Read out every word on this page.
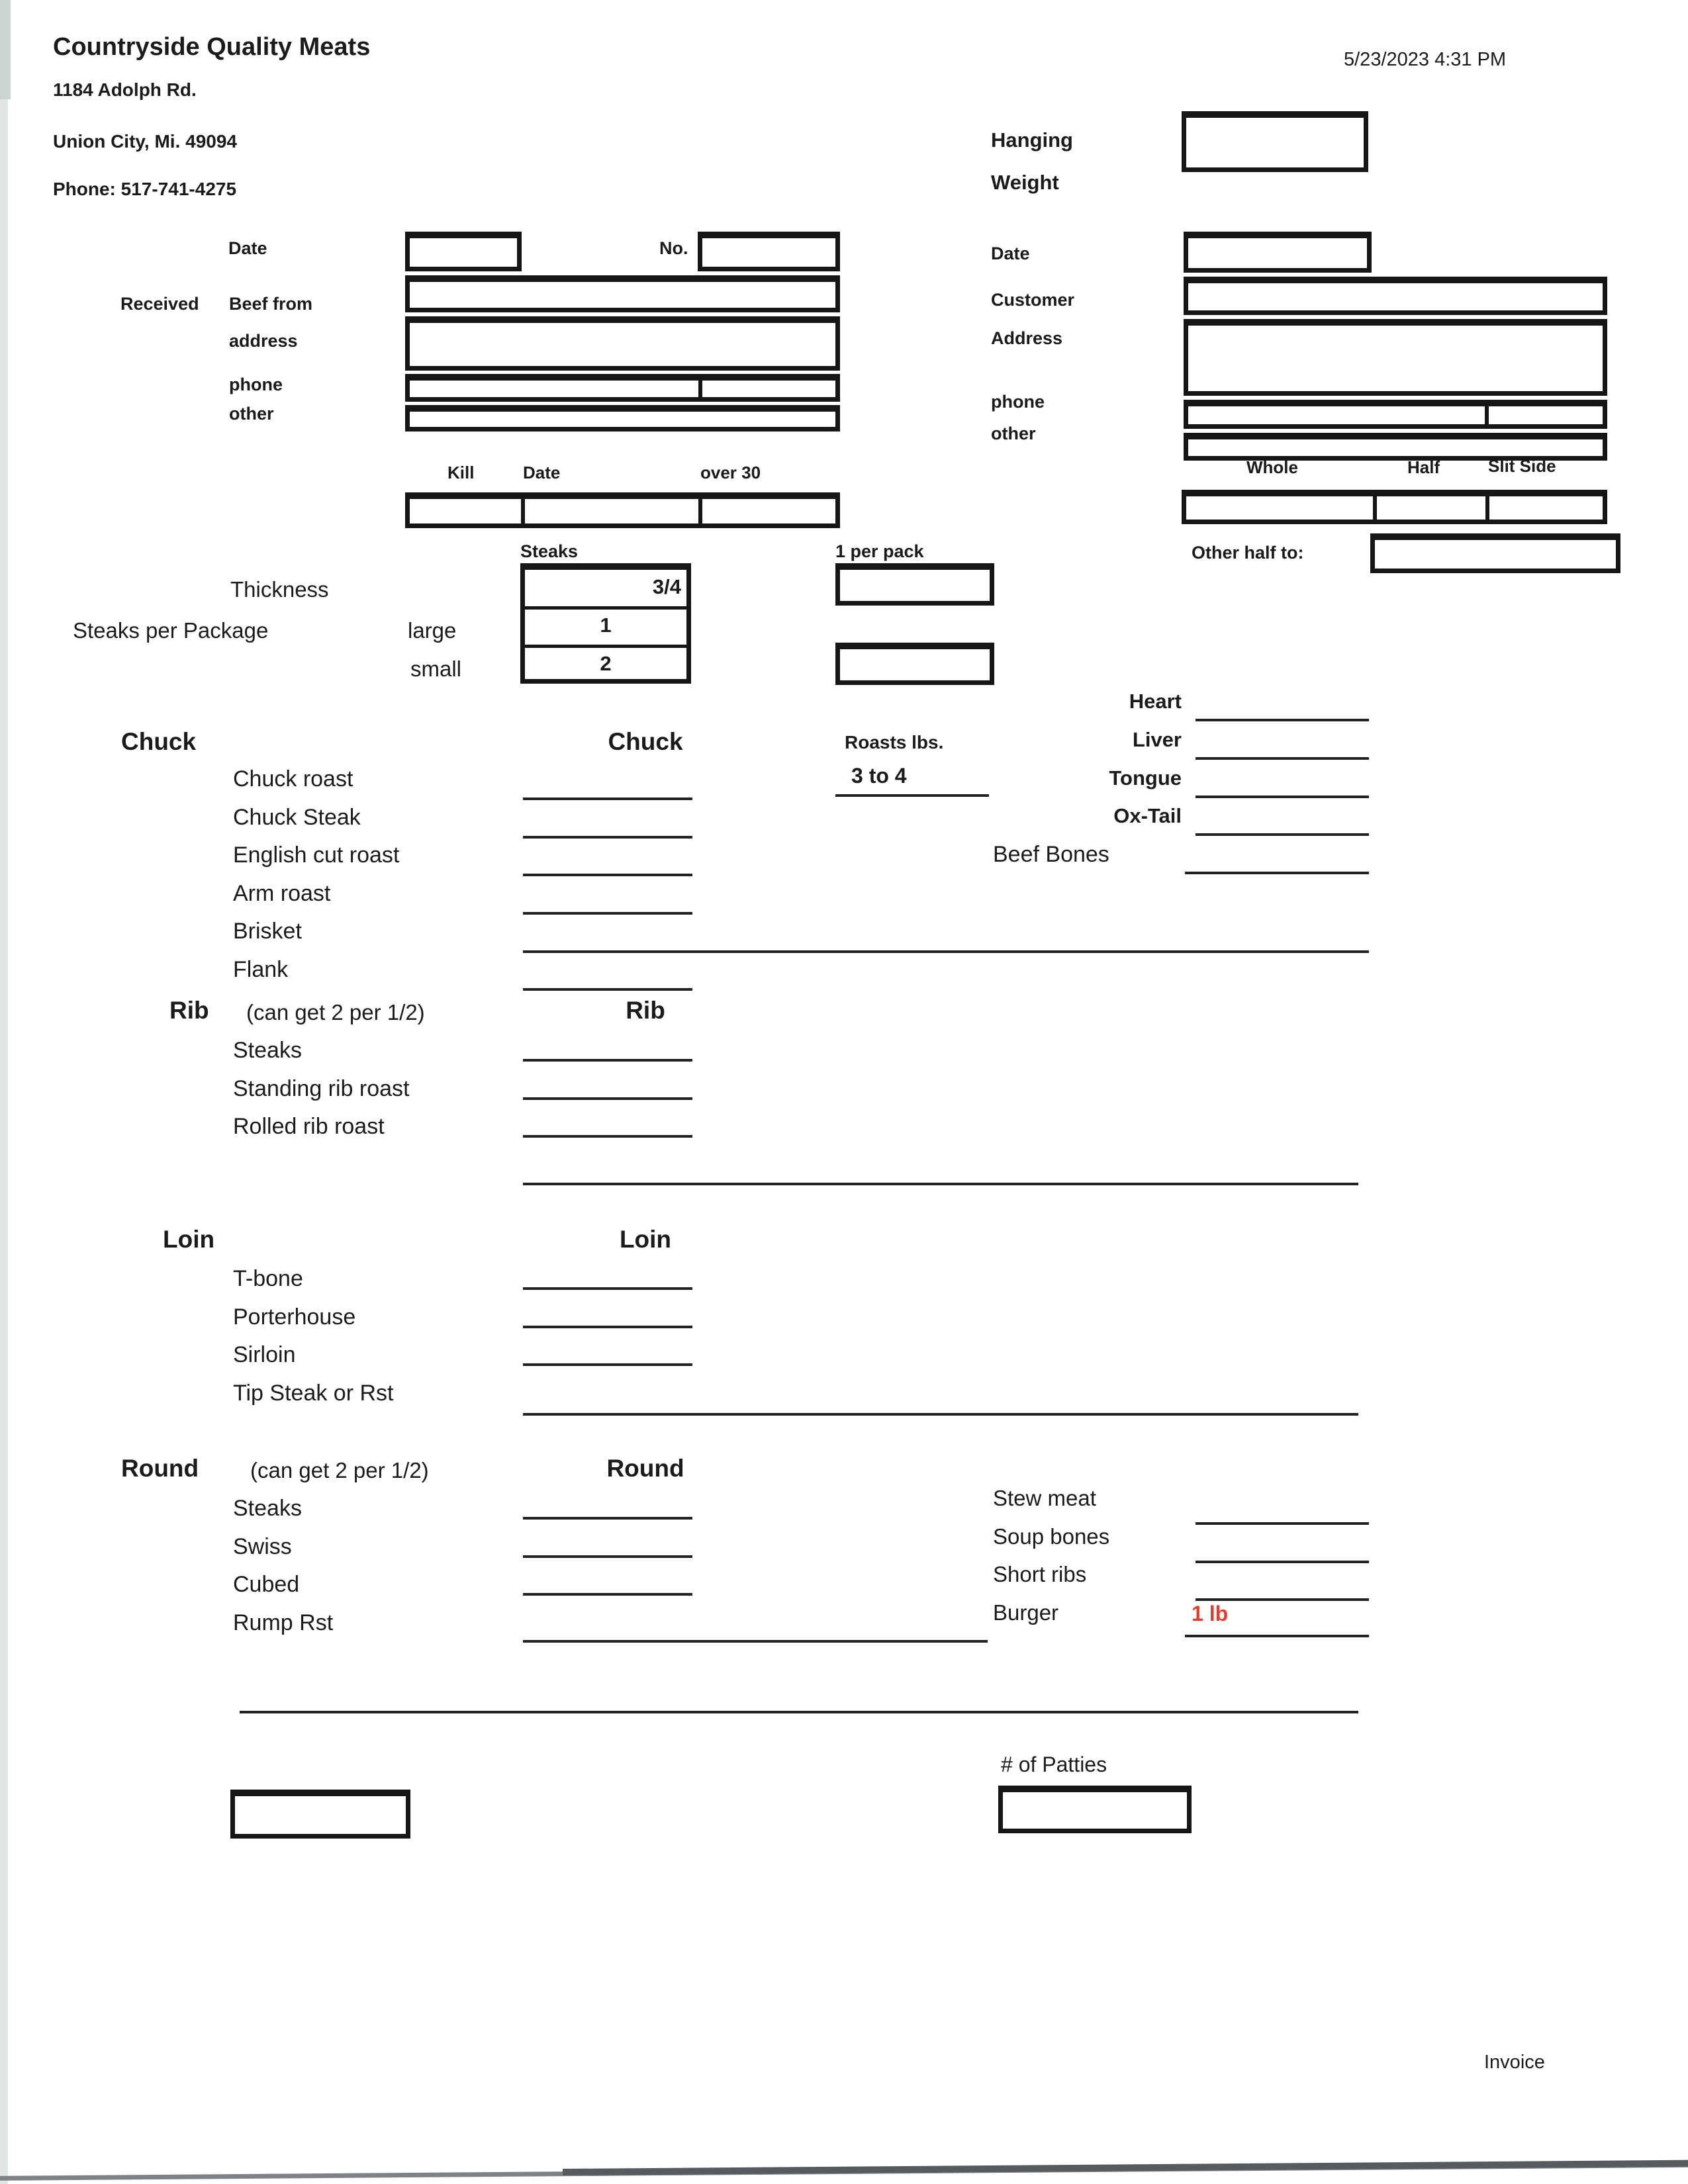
Countryside Quality Meats
1184 Adolph Rd.
Union City, Mi. 49094
Phone: 517-741-4275
5/23/2023 4:31 PM
Hanging
Weight
Date	No.
Received Beef from
address
phone
other
Kill	Date	over 30
Date
Customer
Address
phone
other
Whole	Half	Slit Side
Steaks	1 per pack
Thickness
Steaks per Package	large
small
3/4
1
2
Other half to:
Heart
Liver
Tongue
Ox-Tail
Beef Bones
Chuck	Chuck	Roasts lbs.
3 to 4
Chuck roast
Chuck Steak
English cut roast
Arm roast
Brisket
Flank
Rib (can get 2 per 1/2)	Rib
Steaks
Standing rib roast
Rolled rib roast
Loin	Loin
T-bone
Porterhouse
Sirloin
Tip Steak or Rst
Round (can get 2 per 1/2)	Round
Steaks
Swiss
Cubed
Rump Rst
Stew meat
Soup bones
Short ribs
Burger	1 lb
# of Patties
Invoice
